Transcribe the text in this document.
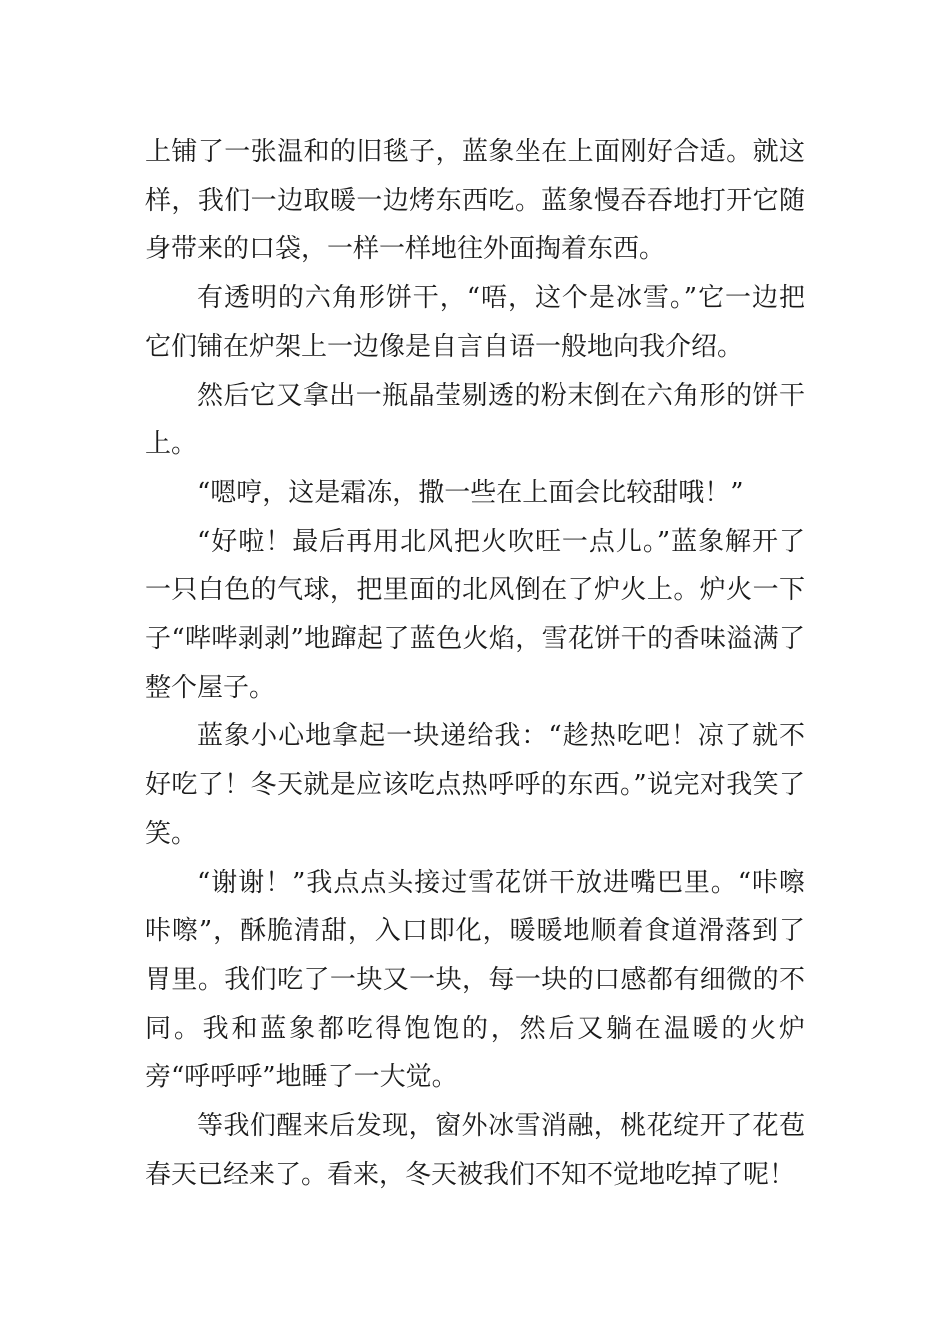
上铺了一张温和的旧毯子，蓝象坐在上面刚好合适。就这样，我们一边取暖一边烤东西吃。蓝象慢吞吞地打开它随身带来的口袋，一样一样地往外面掏着东西。

有透明的六角形饼干，“唔，这个是冰雪。”它一边把它们铺在炉架上一边像是自言自语一般地向我介绍。

然后它又拿出一瓶晶莹剔透的粉末倒在六角形的饼干上。

“嗯哼，这是霜冻，撒一些在上面会比较甜哦！”

“好啦！最后再用北风把火吹旺一点儿。”蓝象解开了一只白色的气球，把里面的北风倒在了炉火上。炉火一下子“哔哔剥剥”地蹿起了蓝色火焰，雪花饼干的香味溢满了整个屋子。

蓝象小心地拿起一块递给我：“趁热吃吧！凉了就不好吃了！冬天就是应该吃点热呼呼的东西。”说完对我笑了笑。

“谢谢！”我点点头接过雪花饼干放进嘴巴里。“咔嚓咔嚓”，酥脆清甜，入口即化，暖暖地顺着食道滑落到了胃里。我们吃了一块又一块，每一块的口感都有细微的不同。我和蓝象都吃得饱饱的，然后又躺在温暖的火炉旁“呼呼呼”地睡了一大觉。

等我们醒来后发现，窗外冰雪消融，桃花绽开了花苞春天已经来了。看来，冬天被我们不知不觉地吃掉了呢！
